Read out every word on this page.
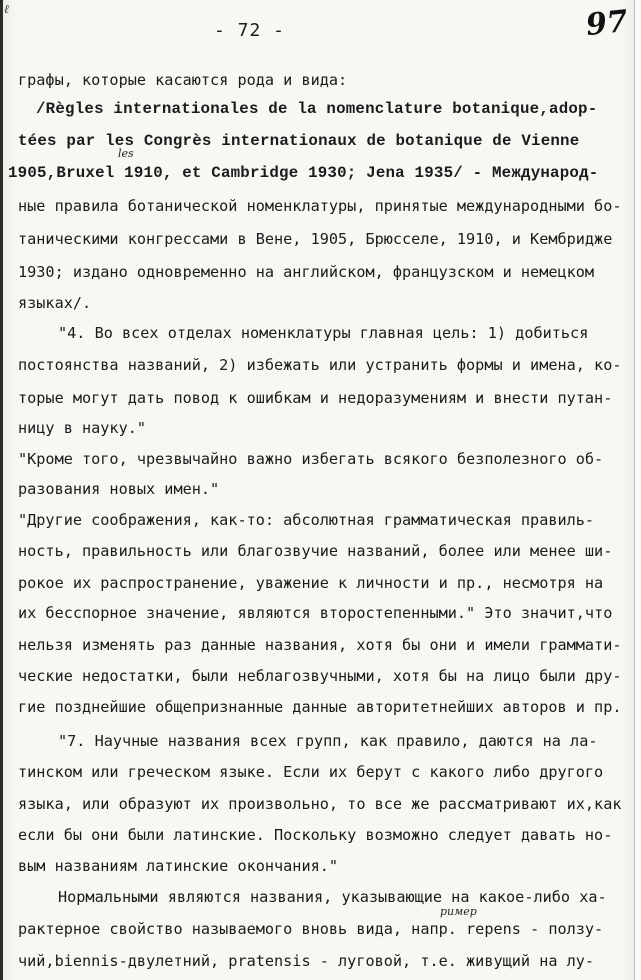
ℓ
- 72 -	97
графы, которые касаются рода и вида:
/Règles internationales de la nomenclature botanique,adop-
les
tées par les Congrès internationaux de botanique de Vienne
1905,Bruxel 1910, et Cambridge 1930; Jena 1935/ - Междунарoд-
ные правила ботанической номенклатуры, принятые международными бо-
таническими конгрессами в Вене, 1905, Брюсселе, 1910, и Кембридже
1930; издано одновременно на английском, французском и немецком
языках/.
"4. Во всех отделах номенклатуры главная цель: 1) добиться
постоянства названий, 2) избежать или устранить формы и имена, ко-
торые могут дать повод к ошибкам и недоразумениям и внести путан-
ницу в науку."
"Кроме того, чрезвычайно важно избегать всякого безполезного об-
разования новых имен."
"Другие соображения, как-то: абсолютная грамматическая правиль-
ность, правильность или благозвучие названий, более или менее ши-
рокое их распространение, уважение к личности и пр., несмотря на
их бесспорное значение, являются второстепенными." Это значит,что
нельзя изменять раз данные названия, хотя бы они и имели граммати-
ческие недостатки, были неблагозвучными, хотя бы на лицо были дру-
гие позднейшие общепризнанные данные авторитетнейших авторов и пр.
"7. Научные названия всех групп, как правило, даются на ла-
тинском или греческом языке. Если их берут с какого либо другого
языка, или образуют их произвольно, то все же рассматривают их,как
если бы они были латинские. Поскольку возможно следует давать но-
вым названиям латинские окончания."
Нормальными являются названия, указывающие на какое-либо ха-
ример
рактерное свойство называемого вновь вида, напр. repens - ползу-
чий,biennis-двулетний, pratensis - луговой, т.е. живущий на лу-
